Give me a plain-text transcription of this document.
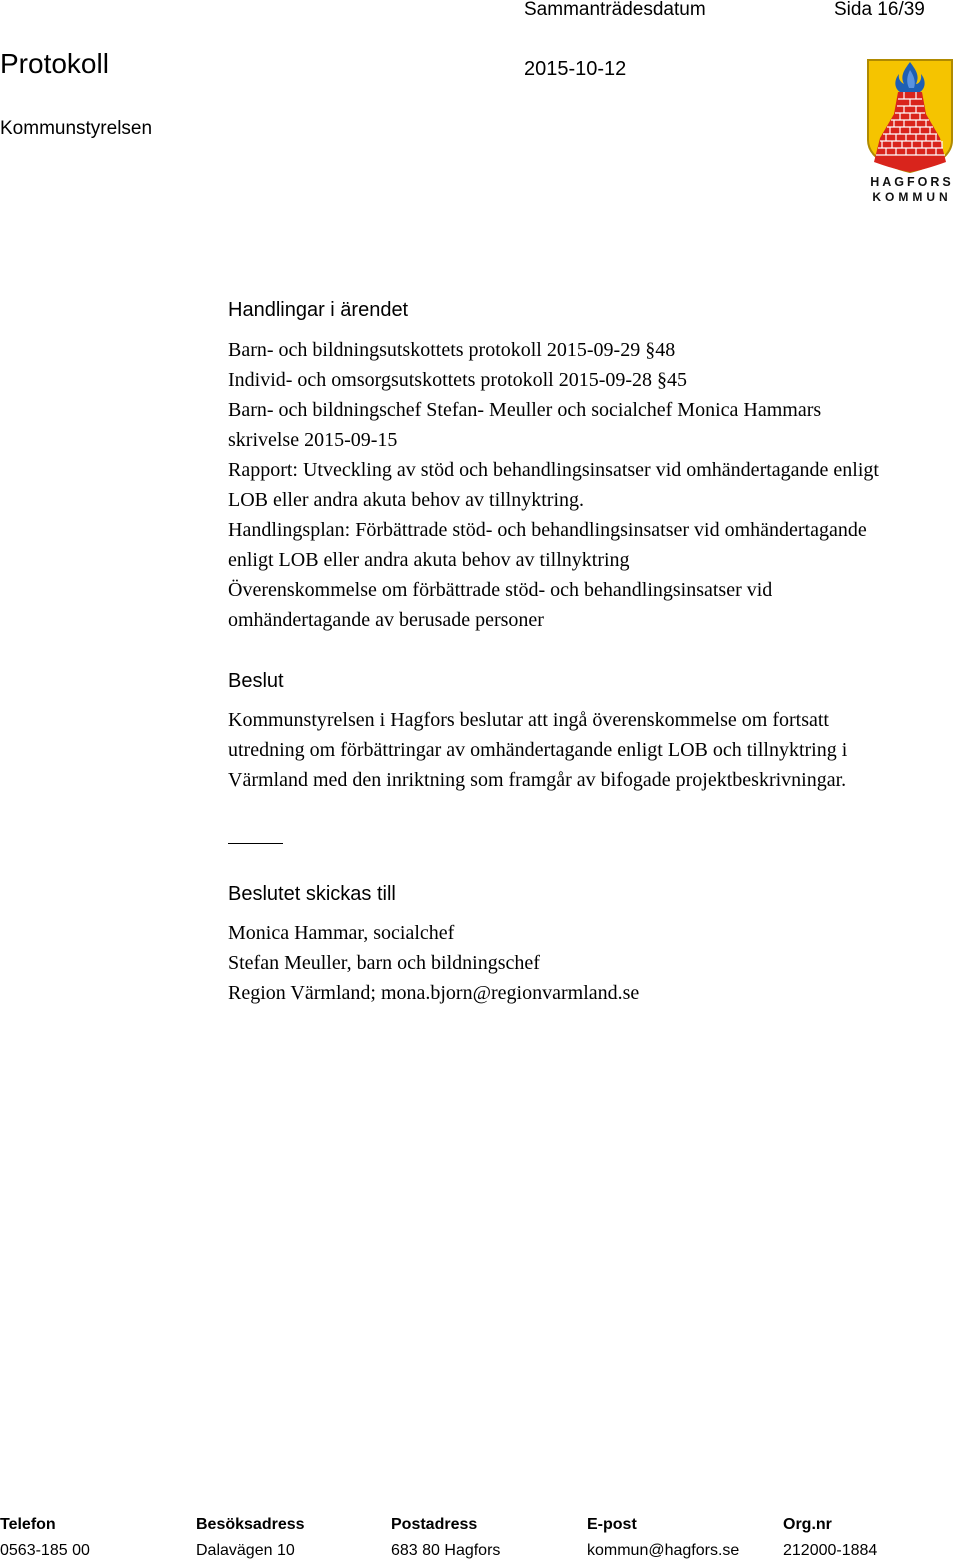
Sammanträdesdatum	Sida 16/39
Protokoll	2015-10-12
Kommunstyrelsen
HAGFORS
KOMMUN
Handlingar i ärendet

Barn- och bildningsutskottets protokoll 2015-09-29 §48

Individ- och omsorgsutskottets protokoll 2015-09-28 §45

Barn- och bildningschef Stefan- Meuller och socialchef Monica Hammars

skrivelse 2015-09-15

Rapport: Utveckling av stöd och behandlingsinsatser vid omhändertagande enligt

LOB eller andra akuta behov av tillnyktring.

Handlingsplan: Förbättrade stöd- och behandlingsinsatser vid omhändertagande

enligt LOB eller andra akuta behov av tillnyktring

Överenskommelse om förbättrade stöd- och behandlingsinsatser vid

omhändertagande av berusade personer

Beslut

Kommunstyrelsen i Hagfors beslutar att ingå överenskommelse om fortsatt

utredning om förbättringar av omhändertagande enligt LOB och tillnyktring i

Värmland med den inriktning som framgår av bifogade projektbeskrivningar.

Beslutet skickas till

Monica Hammar, socialchef

Stefan Meuller, barn och bildningschef

Region Värmland; mona.bjorn@regionvarmland.se

Telefon
0563-185 00
Besöksadress
Dalavägen 10
Postadress
683 80 Hagfors
E-post
kommun@hagfors.se
Org.nr
212000-1884
